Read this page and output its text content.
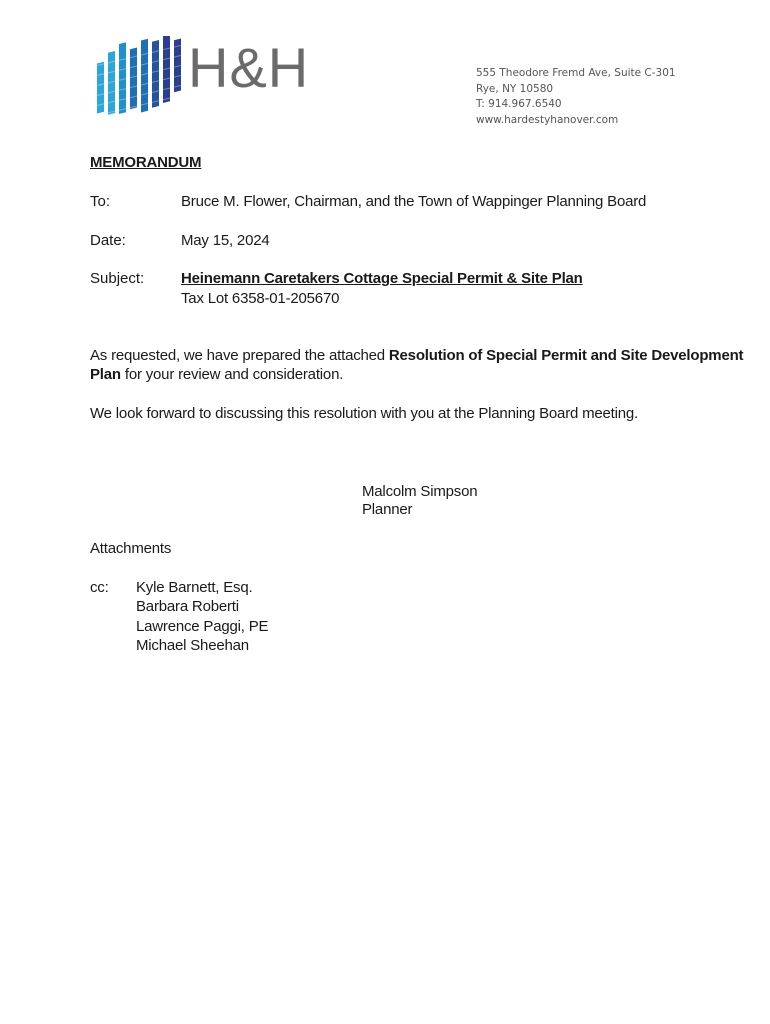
H&H	555 Theodore Fremd Ave, Suite C-301
Rye, NY 10580
T: 914.967.6540
www.hardestyhanover.com
MEMORANDUM
To:	Bruce M. Flower, Chairman, and the Town of Wappinger Planning Board
Date:	May 15, 2024
Subject: Heinemann Caretakers Cottage Special Permit & Site Plan
Tax Lot 6358-01-205670
As requested, we have prepared the attached Resolution of Special Permit and Site Development
Plan for your review and consideration.
We look forward to discussing this resolution with you at the Planning Board meeting.
Malcolm Simpson
Planner
Attachments
cc: Kyle Barnett, Esq.
Barbara Roberti
Lawrence Paggi, PE
Michael Sheehan
